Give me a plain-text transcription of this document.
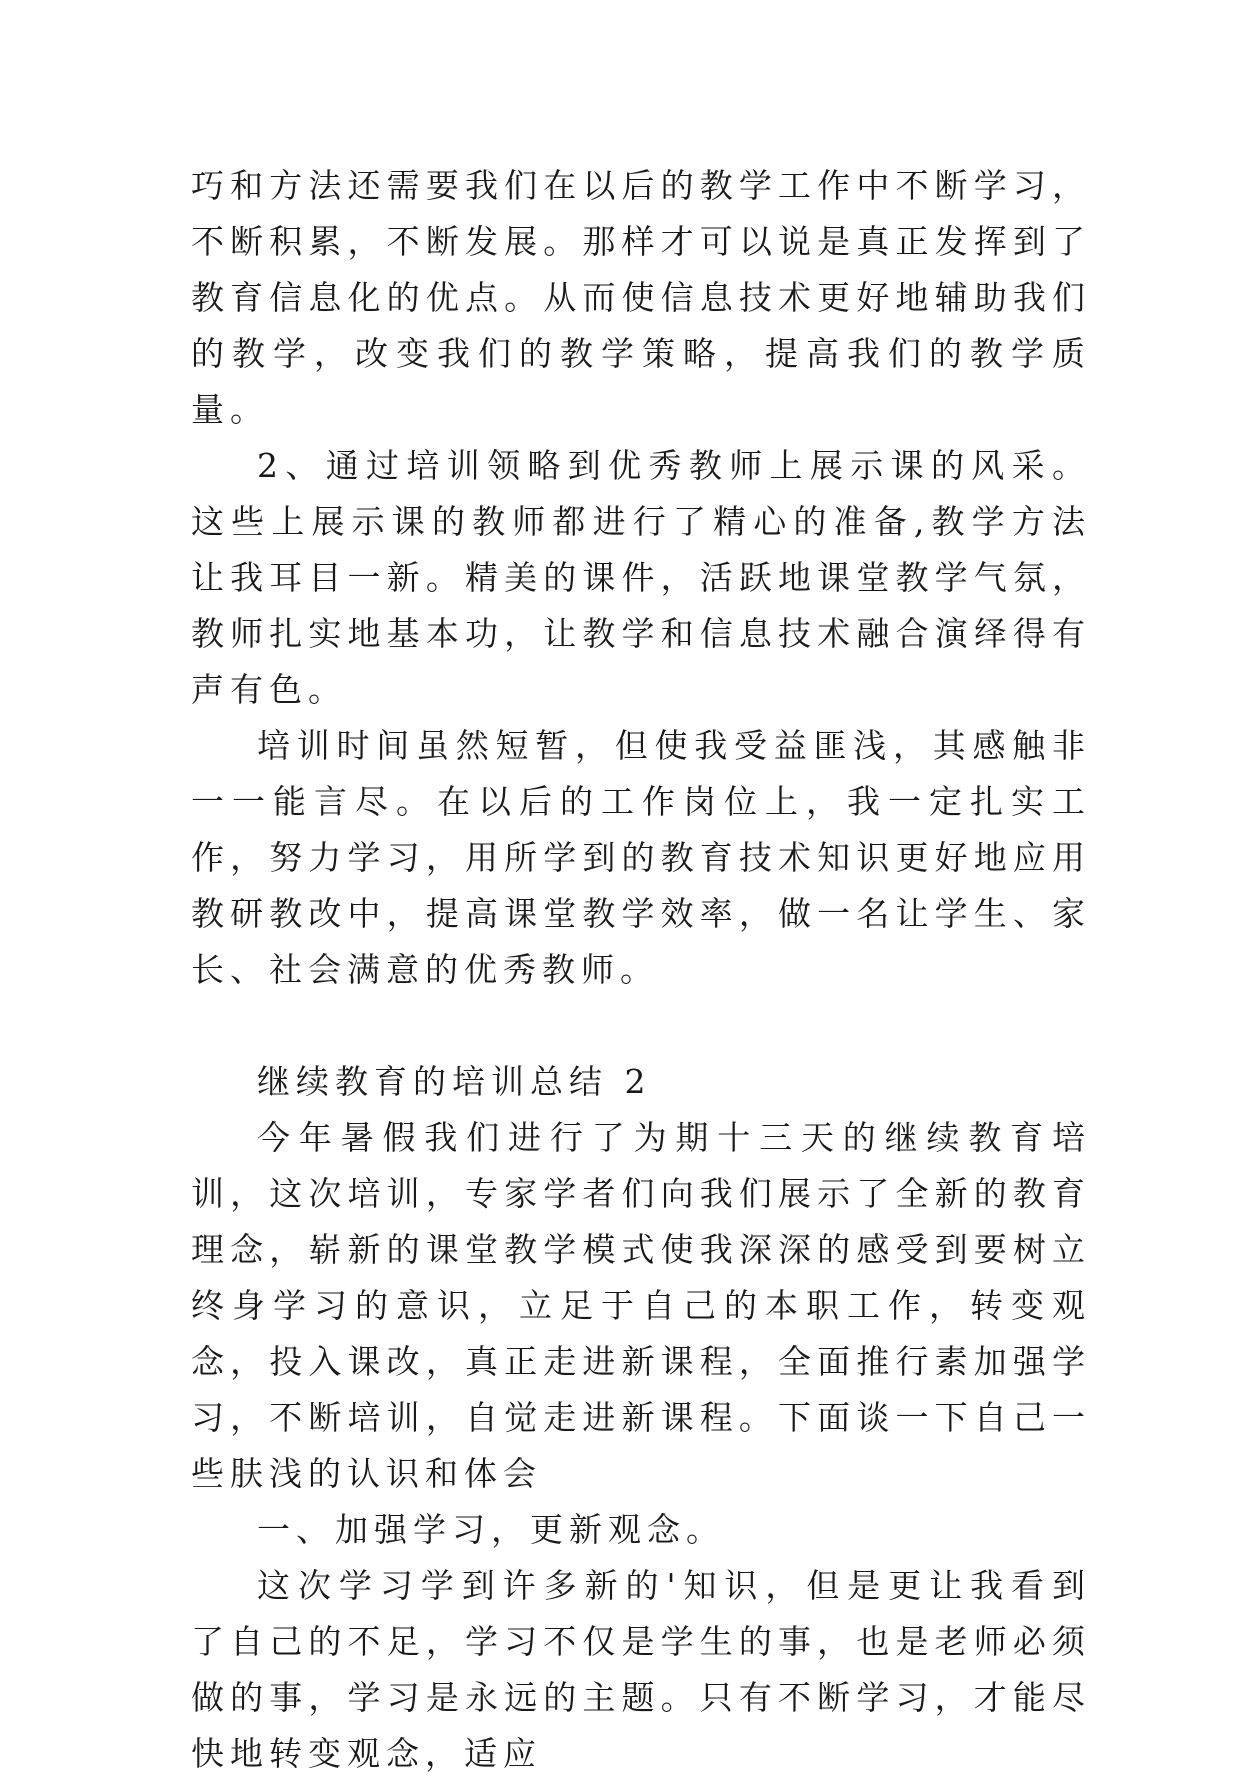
巧和方法还需要我们在以后的教学工作中不断学习，不断积累，不断发展。那样才可以说是真正发挥到了教育信息化的优点。从而使信息技术更好地辅助我们的教学，改变我们的教学策略，提高我们的教学质量。

2、通过培训领略到优秀教师上展示课的风采。这些上展示课的教师都进行了精心的准备,教学方法让我耳目一新。精美的课件，活跃地课堂教学气氛，教师扎实地基本功，让教学和信息技术融合演绎得有声有色。

培训时间虽然短暂，但使我受益匪浅，其感触非一一能言尽。在以后的工作岗位上，我一定扎实工作，努力学习，用所学到的教育技术知识更好地应用教研教改中，提高课堂教学效率，做一名让学生、家长、社会满意的优秀教师。

继续教育的培训总结 2

今年暑假我们进行了为期十三天的继续教育培训，这次培训，专家学者们向我们展示了全新的教育理念，崭新的课堂教学模式使我深深的感受到要树立终身学习的意识，立足于自己的本职工作，转变观念，投入课改，真正走进新课程，全面推行素加强学习，不断培训，自觉走进新课程。下面谈一下自己一些肤浅的认识和体会

一、加强学习，更新观念。

这次学习学到许多新的'知识，但是更让我看到了自己的不足，学习不仅是学生的事，也是老师必须做的事，学习是永远的主题。只有不断学习，才能尽快地转变观念，适应
